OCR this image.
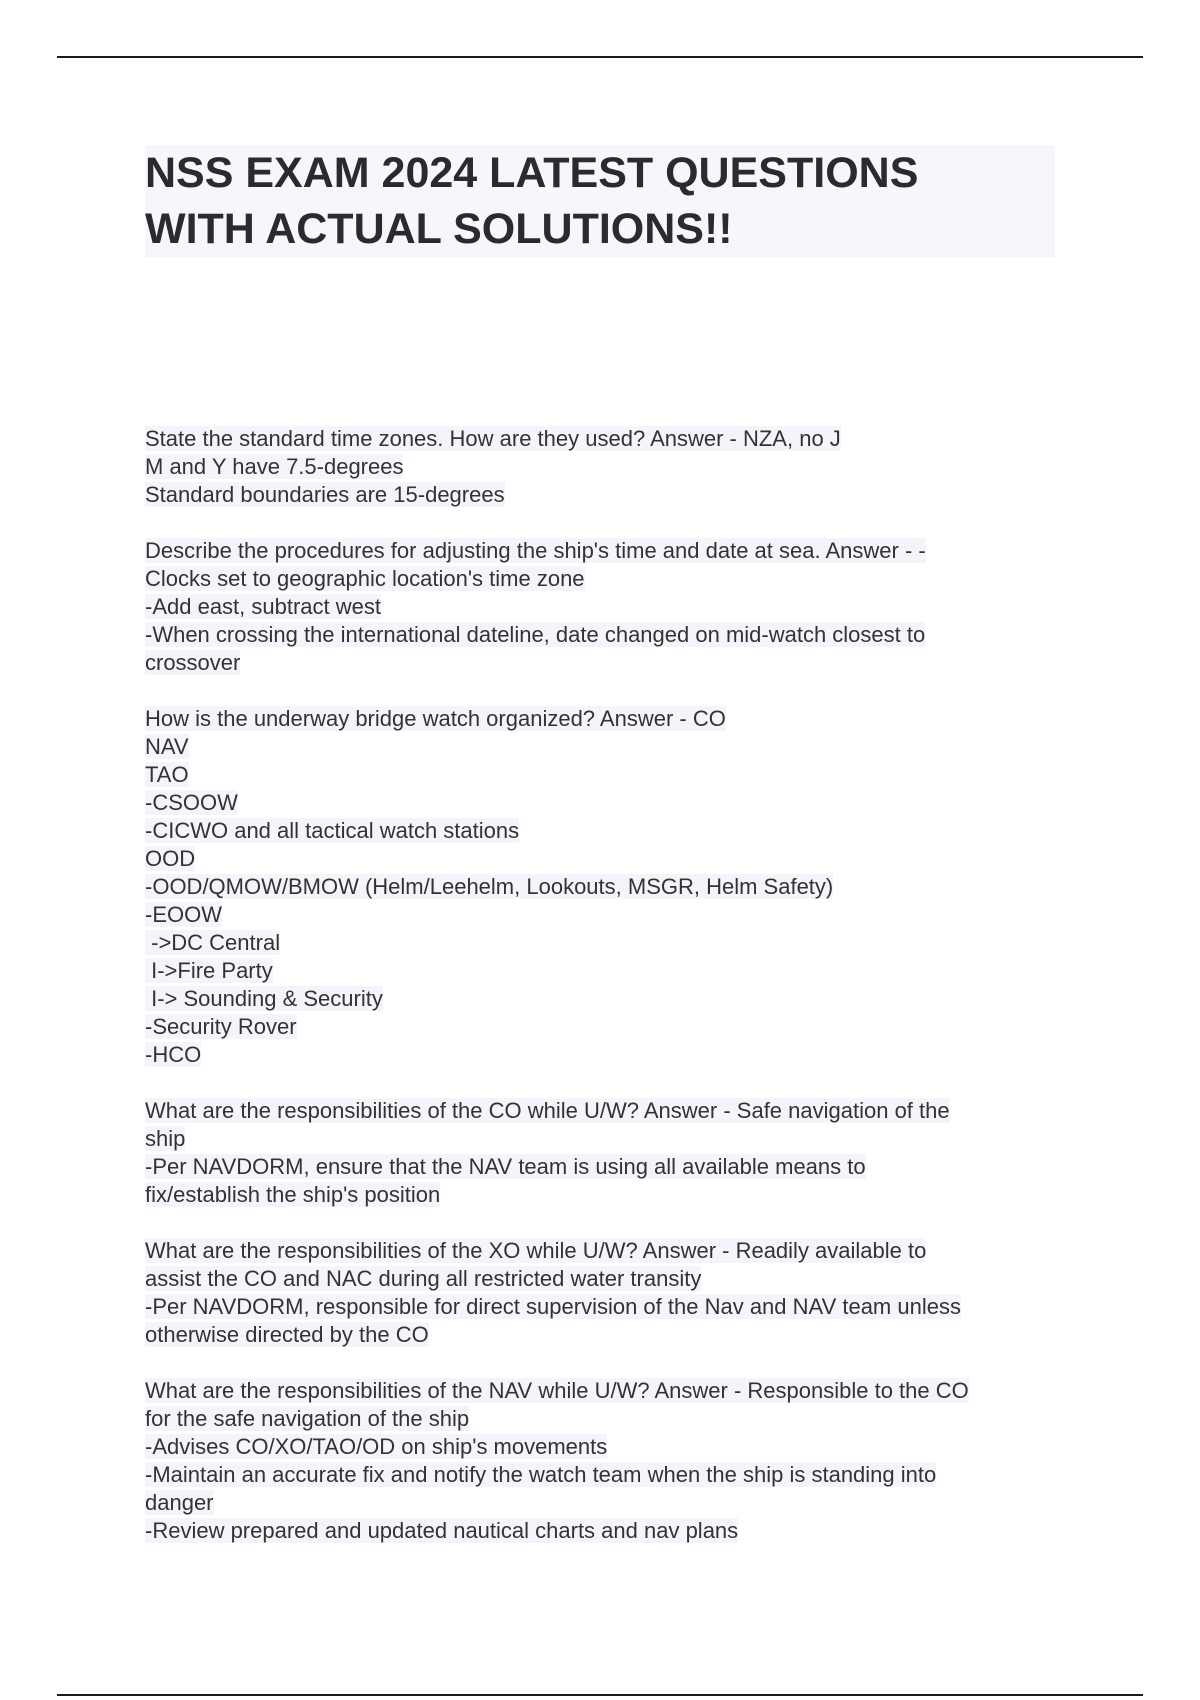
NSS EXAM 2024 LATEST QUESTIONS
WITH ACTUAL SOLUTIONS!!
State the standard time zones. How are they used? Answer - NZA, no J
M and Y have 7.5-degrees
Standard boundaries are 15-degrees
Describe the procedures for adjusting the ship's time and date at sea. Answer - -
Clocks set to geographic location's time zone
-Add east, subtract west
-When crossing the international dateline, date changed on mid-watch closest to
crossover
How is the underway bridge watch organized? Answer - CO
NAV
TAO
-CSOOW
-CICWO and all tactical watch stations
OOD
-OOD/QMOW/BMOW (Helm/Leehelm, Lookouts, MSGR, Helm Safety)
-EOOW
->DC Central
I->Fire Party
I-> Sounding & Security
-Security Rover
-HCO
What are the responsibilities of the CO while U/W? Answer - Safe navigation of the
ship
-Per NAVDORM, ensure that the NAV team is using all available means to
fix/establish the ship's position
What are the responsibilities of the XO while U/W? Answer - Readily available to
assist the CO and NAC during all restricted water transity
-Per NAVDORM, responsible for direct supervision of the Nav and NAV team unless
otherwise directed by the CO
What are the responsibilities of the NAV while U/W? Answer - Responsible to the CO
for the safe navigation of the ship
-Advises CO/XO/TAO/OD on ship's movements
-Maintain an accurate fix and notify the watch team when the ship is standing into
danger
-Review prepared and updated nautical charts and nav plans
